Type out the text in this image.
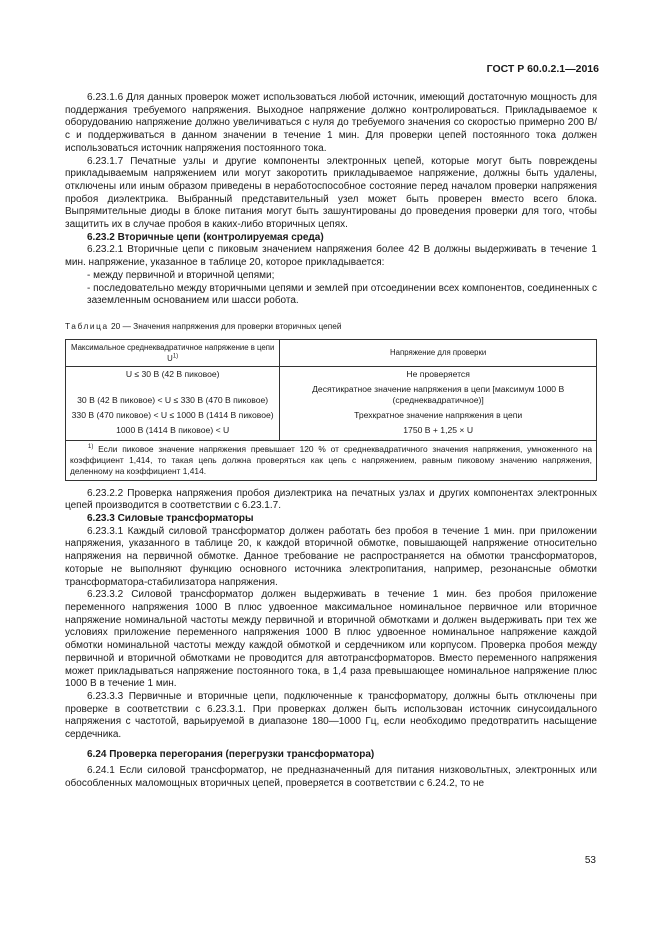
ГОСТ Р 60.0.2.1—2016

6.23.1.6 Для данных проверок может использоваться любой источник, имеющий достаточную мощность для поддержания требуемого напряжения. Выходное напряжение должно контролироваться. Прикладываемое к оборудованию напряжение должно увеличиваться с нуля до требуемого значения со скоростью примерно 200 В/с и поддерживаться в данном значении в течение 1 мин. Для проверки цепей постоянного тока должен использоваться источник напряжения постоянного тока.

6.23.1.7 Печатные узлы и другие компоненты электронных цепей, которые могут быть повреждены прикладываемым напряжением или могут закоротить прикладываемое напряжение, должны быть удалены, отключены или иным образом приведены в неработоспособное состояние перед началом проверки напряжения пробоя диэлектрика. Выбранный представительный узел может быть проверен вместо всего блока. Выпрямительные диоды в блоке питания могут быть зашунтированы до проведения проверки для того, чтобы защитить их в случае пробоя в каких-либо вторичных цепях.

6.23.2 Вторичные цепи (контролируемая среда)

6.23.2.1 Вторичные цепи с пиковым значением напряжения более 42 В должны выдерживать в течение 1 мин. напряжение, указанное в таблице 20, которое прикладывается:

- между первичной и вторичной цепями;

- последовательно между вторичными цепями и землей при отсоединении всех компонентов, соединенных с заземленным основанием или шасси робота.

Таблица 20 — Значения напряжения для проверки вторичных цепей

Максимальное среднеквадратичное напряжение в цепи $U^{1)}$	Напряжение для проверки
U ≤ 30 В (42 В пиковое)	Не проверяется
30 В (42 В пиковое) < U ≤ 330 В (470 В пиковое)	Десятикратное значение напряжения в цепи [максимум 1000 В (среднеквадратичное)]
330 В (470 пиковое) < U ≤ 1000 В (1414 В пиковое)	Трехкратное значение напряжения в цепи
1000 В (1414 В пиковое) < U	1750 В + 1,25 × U
$^{1)}$ Если пиковое значение напряжения превышает 120 % от среднеквадратичного значения напряжения, умноженного на коэффициент 1,414, то такая цепь должна проверяться как цепь с напряжением, равным пиковому значению напряжения, деленному на коэффициент 1,414.	

6.23.2.2 Проверка напряжения пробоя диэлектрика на печатных узлах и других компонентах электронных цепей производится в соответствии с 6.23.1.7.

6.23.3 Силовые трансформаторы

6.23.3.1 Каждый силовой трансформатор должен работать без пробоя в течение 1 мин. при приложении напряжения, указанного в таблице 20, к каждой вторичной обмотке, повышающей напряжение относительно напряжения на первичной обмотке. Данное требование не распространяется на обмотки трансформаторов, которые не выполняют функцию основного источника электропитания, например, резонансные обмотки трансформатора-стабилизатора напряжения.

6.23.3.2 Силовой трансформатор должен выдерживать в течение 1 мин. без пробоя приложение переменного напряжения 1000 В плюс удвоенное максимальное номинальное первичное или вторичное напряжение номинальной частоты между первичной и вторичной обмотками и должен выдерживать при тех же условиях приложение переменного напряжения 1000 В плюс удвоенное номинальное напряжение каждой обмотки номинальной частоты между каждой обмоткой и сердечником или корпусом. Проверка пробоя между первичной и вторичной обмотками не проводится для автотрансформаторов. Вместо переменного напряжения может прикладываться напряжение постоянного тока, в 1,4 раза превышающее номинальное напряжение плюс 1000 В в течение 1 мин.

6.23.3.3 Первичные и вторичные цепи, подключенные к трансформатору, должны быть отключены при проверке в соответствии с 6.23.3.1. При проверках должен быть использован источник синусоидального напряжения с частотой, варьируемой в диапазоне 180—1000 Гц, если необходимо предотвратить насыщение сердечника.

6.24 Проверка перегорания (перегрузки трансформатора)

6.24.1 Если силовой трансформатор, не предназначенный для питания низковольтных, электронных или обособленных маломощных вторичных цепей, проверяется в соответствии с 6.24.2, то не

53
